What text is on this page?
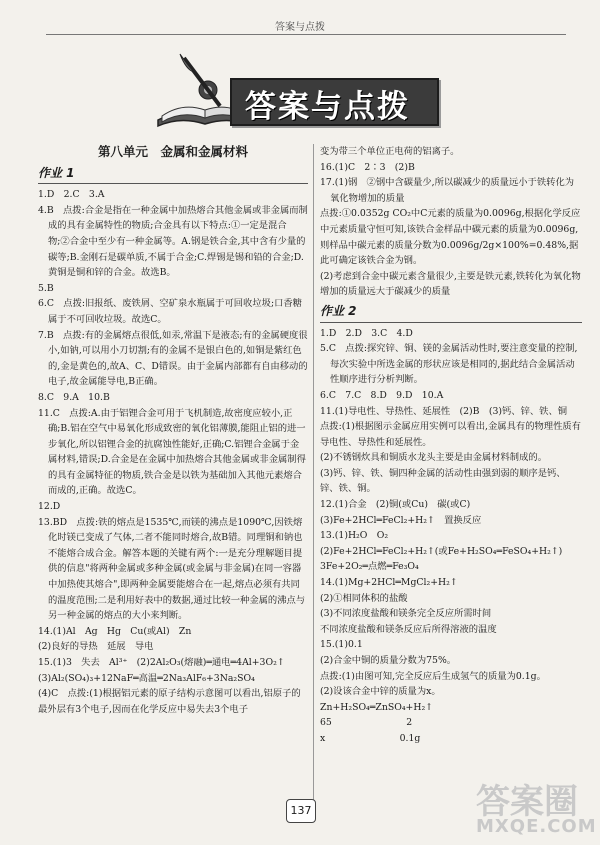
答案与点拨
答案与点拨
第八单元　金属和金属材料
作业 1

1.D　2.C　3.A

4.B　点拨:合金是指在一种金属中加热熔合其他金属或非金属而制成的具有金属特性的物质;合金具有以下特点:①一定是混合物;②合金中至少有一种金属等。A.钢是铁合金,其中含有少量的碳等;B.金刚石是碳单质,不属于合金;C.焊锡是锡和铅的合金;D.黄铜是铜和锌的合金。故选B。

5.B

6.C　点拨:旧报纸、废铁屑、空矿泉水瓶属于可回收垃圾;口香糖属于不可回收垃圾。故选C。

7.B　点拨:有的金属熔点很低,如汞,常温下是液态;有的金属硬度很小,如钠,可以用小刀切割;有的金属不是银白色的,如铜是紫红色的,金是黄色的,故A、C、D错误。由于金属内部都有自由移动的电子,故金属能导电,B正确。

8.C　9.A　10.B

11.C　点拨:A.由于铝锂合金可用于飞机制造,故密度应较小,正确;B.铝在空气中易氧化形成致密的氧化铝薄膜,能阻止铝的进一步氧化,所以铝锂合金的抗腐蚀性能好,正确;C.铝锂合金属于金属材料,错误;D.合金是在金属中加热熔合其他金属或非金属制得的具有金属特征的物质,铁合金是以铁为基础加入其他元素熔合而成的,正确。故选C。

12.D

13.BD　点拨:铁的熔点是1535℃,而镁的沸点是1090℃,因铁熔化时镁已变成了气体,二者不能同时熔合,故B错。同理铜和钠也不能熔合成合金。解答本题的关键有两个:一是充分理解题目提供的信息"将两种金属或多种金属(或金属与非金属)在同一容器中加热使其熔合",即两种金属要能熔合在一起,熔点必须有共同的温度范围;二是利用好表中的数据,通过比较一种金属的沸点与另一种金属的熔点的大小来判断。

14.(1)Al　Ag　Hg　Cu(或Al)　Zn

(2)良好的导热　延展　导电

15.(1)3　失去　Al³⁺　(2)2Al₂O₃(熔融)═通电═4Al+3O₂↑

(3)Al₂(SO₄)₃+12NaF═高温═2Na₃AlF₆+3Na₂SO₄

(4)C　点拨:(1)根据铝元素的原子结构示意图可以看出,铝原子的最外层有3个电子,因而在化学反应中易失去3个电子

变为带三个单位正电荷的铝离子。

16.(1)C　2∶3　(2)B

17.(1)钢　②钢中含碳量少,所以碳减少的质量远小于铁转化为氧化物增加的质量

点拨:①0.0352g CO₂中C元素的质量为0.0096g,根据化学反应中元素质量守恒可知,该铁合金样品中碳元素的质量为0.0096g,则样品中碳元素的质量分数为0.0096g/2g×100%=0.48%,据此可确定该铁合金为钢。

(2)考虑到合金中碳元素含量很少,主要是铁元素,铁转化为氧化物增加的质量远大于碳减少的质量

作业 2

1.D　2.D　3.C　4.D

5.C　点拨:探究锌、铜、镁的金属活动性时,要注意变量的控制,每次实验中所选金属的形状应该是相同的,据此结合金属活动性顺序进行分析判断。

6.C　7.C　8.D　9.D　10.A

11.(1)导电性、导热性、延展性　(2)B　(3)钙、锌、铁、铜

点拨:(1)根据图示金属应用实例可以看出,金属具有的物理性质有导电性、导热性和延展性。

(2)不锈钢炊具和铜质水龙头主要是由金属材料制成的。

(3)钙、锌、铁、铜四种金属的活动性由强到弱的顺序是钙、锌、铁、铜。

12.(1)合金　(2)铜(或Cu)　碳(或C)

(3)Fe+2HCl═FeCl₂+H₂↑　置换反应

13.(1)H₂O　O₂

(2)Fe+2HCl═FeCl₂+H₂↑(或Fe+H₂SO₄═FeSO₄+H₂↑)　3Fe+2O₂═点燃═Fe₃O₄

14.(1)Mg+2HCl═MgCl₂+H₂↑

(2)①相同体积的盐酸

(3)不同浓度盐酸和镁条完全反应所需时间

不同浓度盐酸和镁条反应后所得溶液的温度

15.(1)0.1

(2)合金中铜的质量分数为75%。

点拨:(1)由图可知,完全反应后生成氢气的质量为0.1g。

(2)设该合金中锌的质量为x。

Zn+H₂SO₄═ZnSO₄+H₂↑

65　　　　　　　　2

x　　　　　　　　0.1g

137	答案圈
MXQE.COM
